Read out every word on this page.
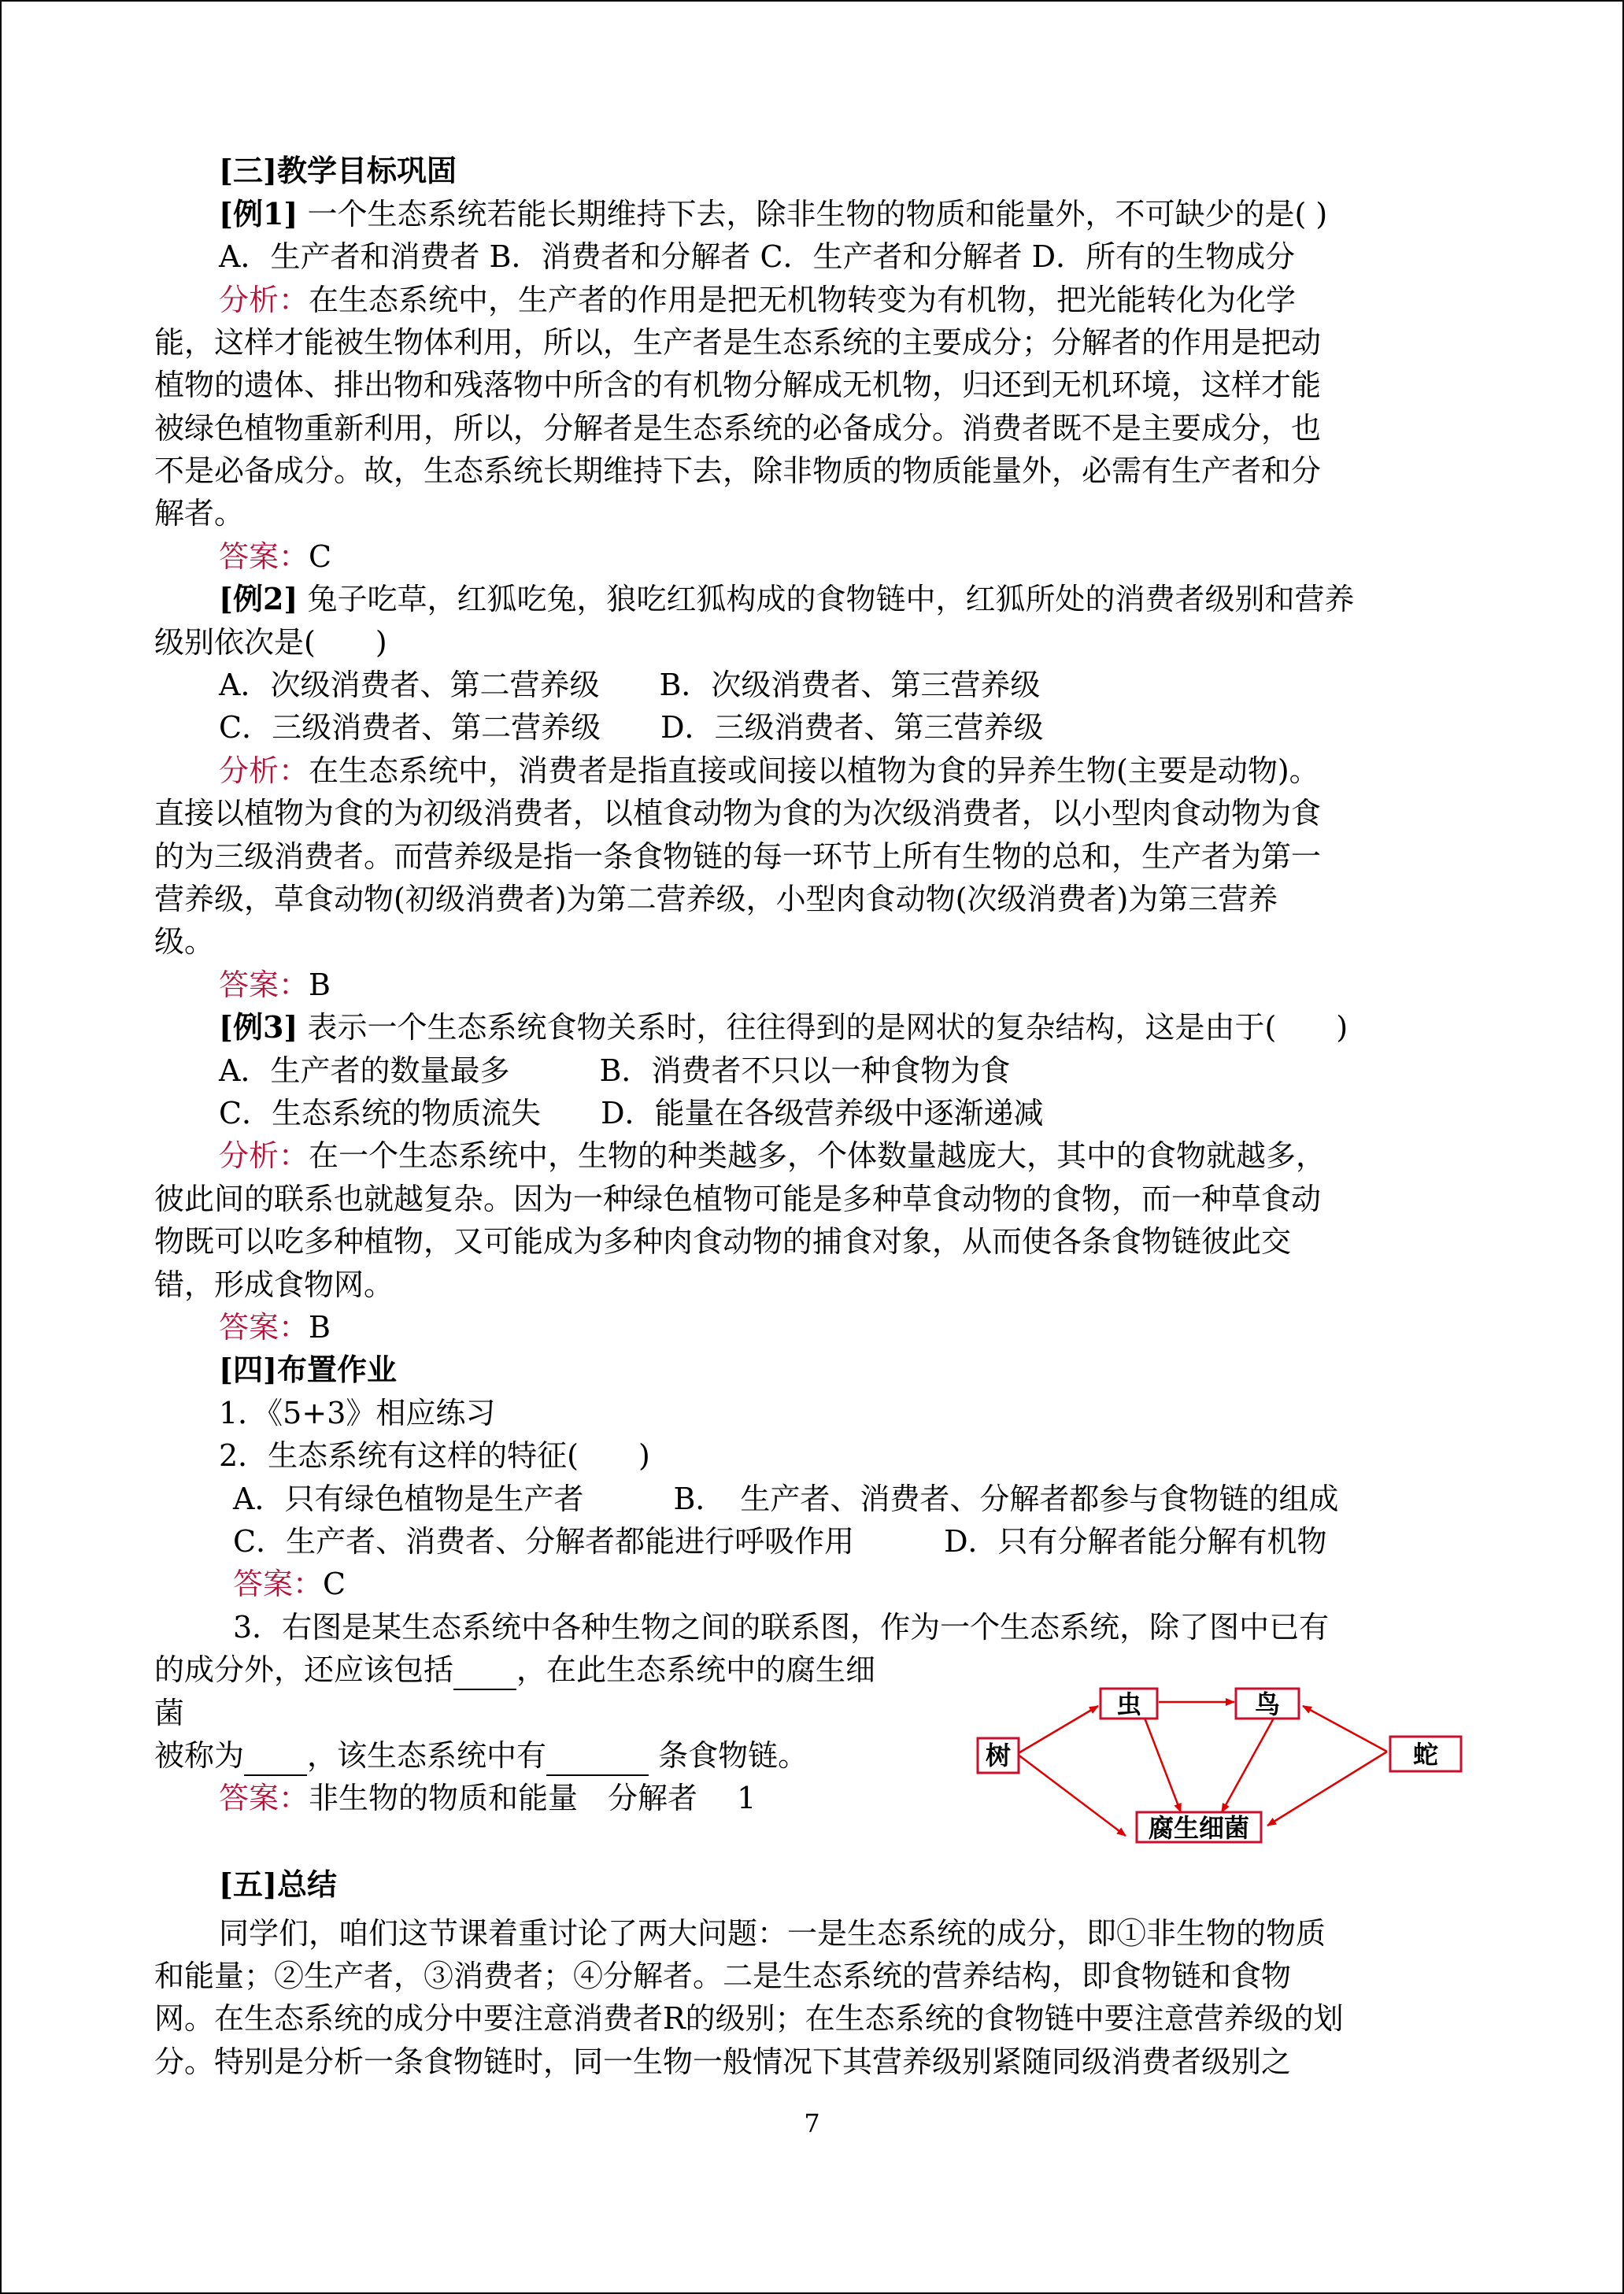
[三]教学目标巩固
[例1] 一个生态系统若能长期维持下去，除非生物的物质和能量外，不可缺少的是( )
A．生产者和消费者 B．消费者和分解者 C．生产者和分解者 D．所有的生物成分
分析：在生态系统中，生产者的作用是把无机物转变为有机物，把光能转化为化学
能，这样才能被生物体利用，所以，生产者是生态系统的主要成分；分解者的作用是把动
植物的遗体、排出物和残落物中所含的有机物分解成无机物，归还到无机环境，这样才能
被绿色植物重新利用，所以，分解者是生态系统的必备成分。消费者既不是主要成分，也
不是必备成分。故，生态系统长期维持下去，除非物质的物质能量外，必需有生产者和分
解者。
答案：C
[例2] 兔子吃草，红狐吃兔，狼吃红狐构成的食物链中，红狐所处的消费者级别和营养
级别依次是(　　)
A．次级消费者、第二营养级　　B．次级消费者、第三营养级
C．三级消费者、第二营养级　　D．三级消费者、第三营养级
分析：在生态系统中，消费者是指直接或间接以植物为食的异养生物(主要是动物)。
直接以植物为食的为初级消费者，以植食动物为食的为次级消费者，以小型肉食动物为食
的为三级消费者。而营养级是指一条食物链的每一环节上所有生物的总和，生产者为第一
营养级，草食动物(初级消费者)为第二营养级，小型肉食动物(次级消费者)为第三营养
级。
答案：B
[例3] 表示一个生态系统食物关系时，往往得到的是网状的复杂结构，这是由于(　　)
A．生产者的数量最多　　　B．消费者不只以一种食物为食
C．生态系统的物质流失　　D．能量在各级营养级中逐渐递减
分析：在一个生态系统中，生物的种类越多，个体数量越庞大，其中的食物就越多，
彼此间的联系也就越复杂。因为一种绿色植物可能是多种草食动物的食物，而一种草食动
物既可以吃多种植物，又可能成为多种肉食动物的捕食对象，从而使各条食物链彼此交
错，形成食物网。
答案：B
[四]布置作业
1．《5+3》相应练习
2．生态系统有这样的特征(　　)
A．只有绿色植物是生产者　　　B．　生产者、消费者、分解者都参与食物链的组成
C．生产者、消费者、分解者都能进行呼吸作用　　　D．只有分解者能分解有机物
答案：C
3．右图是某生态系统中各种生物之间的联系图，作为一个生态系统，除了图中已有
的成分外，还应该包括 ，在此生态系统中的腐生细
菌
被称为 ，该生态系统中有	条食物链。
答案：非生物的物质和能量　分解者　 1
树
虫	鸟
蛇
腐生细菌
[五]总结
同学们，咱们这节课着重讨论了两大问题：一是生态系统的成分，即①非生物的物质
和能量；②生产者，③消费者；④分解者。二是生态系统的营养结构，即食物链和食物
网。在生态系统的成分中要注意消费者R的级别；在生态系统的食物链中要注意营养级的划
分。特别是分析一条食物链时，同一生物一般情况下其营养级别紧随同级消费者级别之
7
